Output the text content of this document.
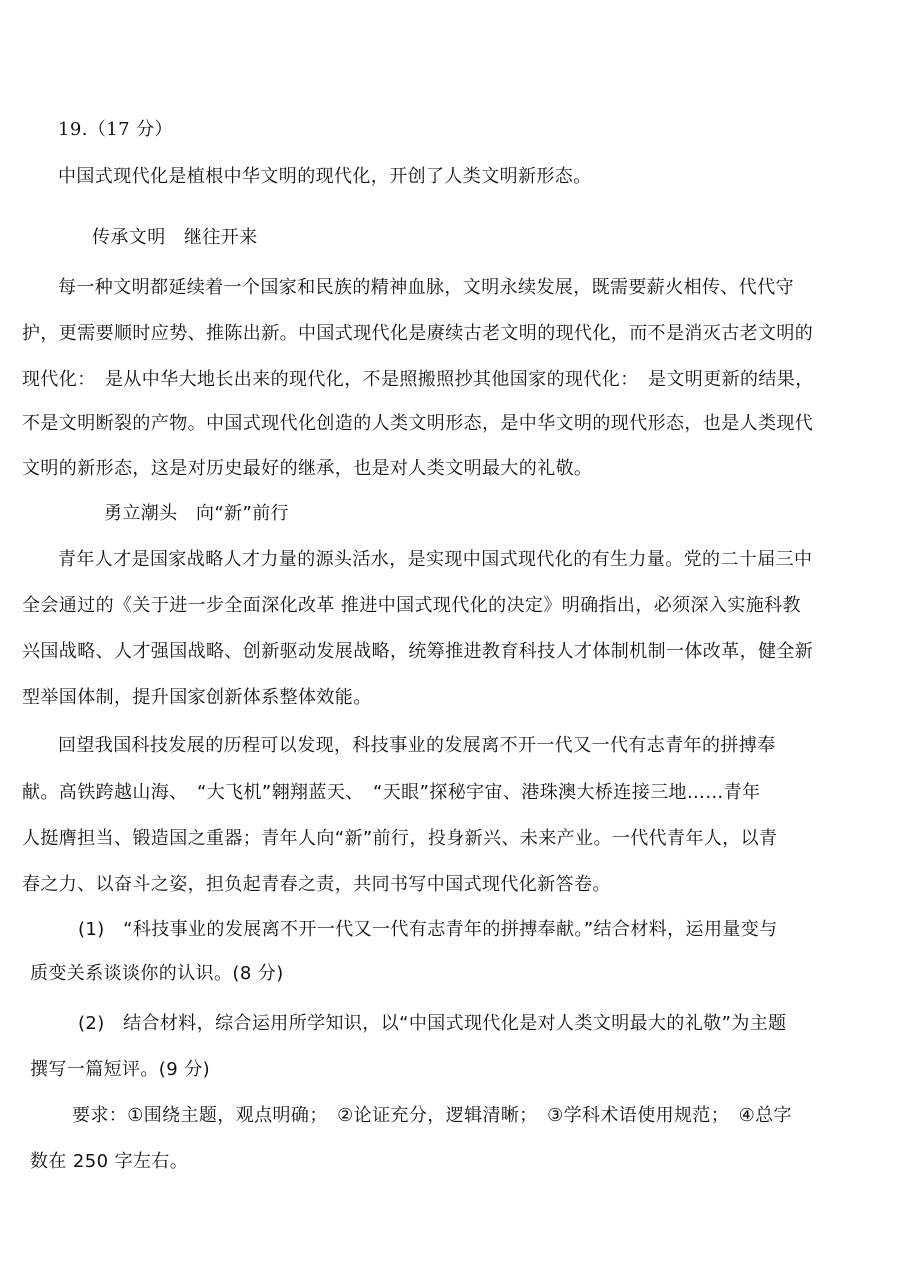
19.（17 分）
中国式现代化是植根中华文明的现代化，开创了人类文明新形态。
传承文明　继往开来
每一种文明都延续着一个国家和民族的精神血脉，文明永续发展，既需要薪火相传、代代守
护，更需要顺时应势、推陈出新。中国式现代化是赓续古老文明的现代化，而不是消灭古老文明的
现代化：　是从中华大地长出来的现代化，不是照搬照抄其他国家的现代化：　是文明更新的结果，
不是文明断裂的产物。中国式现代化创造的人类文明形态，是中华文明的现代形态，也是人类现代
文明的新形态，这是对历史最好的继承，也是对人类文明最大的礼敬。
勇立潮头　向“新”前行
青年人才是国家战略人才力量的源头活水，是实现中国式现代化的有生力量。党的二十届三中
全会通过的《关于进一步全面深化改革 推进中国式现代化的决定》明确指出，必须深入实施科教
兴国战略、人才强国战略、创新驱动发展战略，统筹推进教育科技人才体制机制一体改革，健全新
型举国体制，提升国家创新体系整体效能。
回望我国科技发展的历程可以发现，科技事业的发展离不开一代又一代有志青年的拼搏奉
献。高铁跨越山海、　“大飞机”翱翔蓝天、　“天眼”探秘宇宙、港珠澳大桥连接三地……青年
人挺膺担当、锻造国之重器；青年人向“新”前行，投身新兴、未来产业。一代代青年人，以青
春之力、以奋斗之姿，担负起青春之责，共同书写中国式现代化新答卷。
(1)　“科技事业的发展离不开一代又一代有志青年的拼搏奉献。”结合材料，运用量变与
质变关系谈谈你的认识。(8 分)
(2)　结合材料，综合运用所学知识，以“中国式现代化是对人类文明最大的礼敬”为主题
撰写一篇短评。(9 分)
要求：①围绕主题，观点明确；　②论证充分，逻辑清晰；　③学科术语使用规范；　④总字
数在 250 字左右。
